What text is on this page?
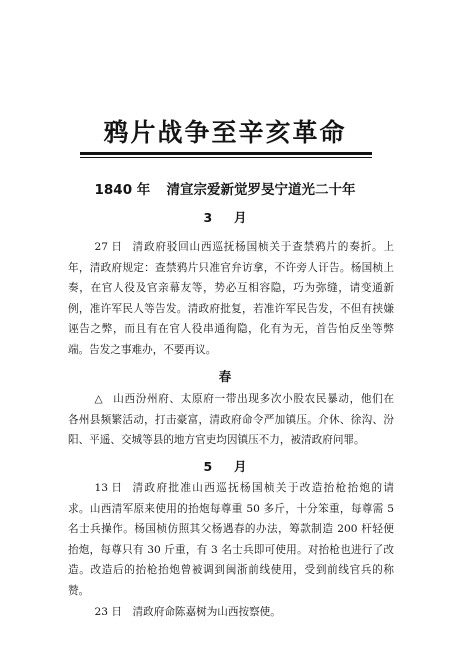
鸦片战争至辛亥革命
1840 年 清宣宗爱新觉罗旻宁道光二十年
3 月
27 日 清政府驳回山西巡抚杨国桢关于查禁鸦片的奏折。上
年，清政府规定：查禁鸦片只准官弁访拿，不许旁人讦告。杨国桢上
奏，在官人役及官亲幕友等，势必互相容隐，巧为弥缝，请变通新
例，准许军民人等告发。清政府批复，若准许军民告发，不但有挟嫌
诬告之弊，而且有在官人役串通徇隐，化有为无，首告怕反坐等弊
端。告发之事难办，不要再议。
春
△ 山西汾州府、太原府一带出现多次小股农民暴动，他们在
各州县频繁活动，打击豪富，清政府命令严加镇压。介休、徐沟、汾
阳、平遥、交城等县的地方官吏均因镇压不力，被清政府问罪。
5 月
13 日 清政府批准山西巡抚杨国桢关于改造抬枪抬炮的请
求。山西清军原来使用的抬炮每尊重 50 多斤，十分笨重，每尊需 5
名士兵操作。杨国桢仿照其父杨遇春的办法，筹款制造 200 杆轻便
抬炮，每尊只有 30 斤重，有 3 名士兵即可使用。对抬枪也进行了改
造。改造后的抬枪抬炮曾被调到闽浙前线使用，受到前线官兵的称
赞。
23 日 清政府命陈嘉树为山西按察使。
